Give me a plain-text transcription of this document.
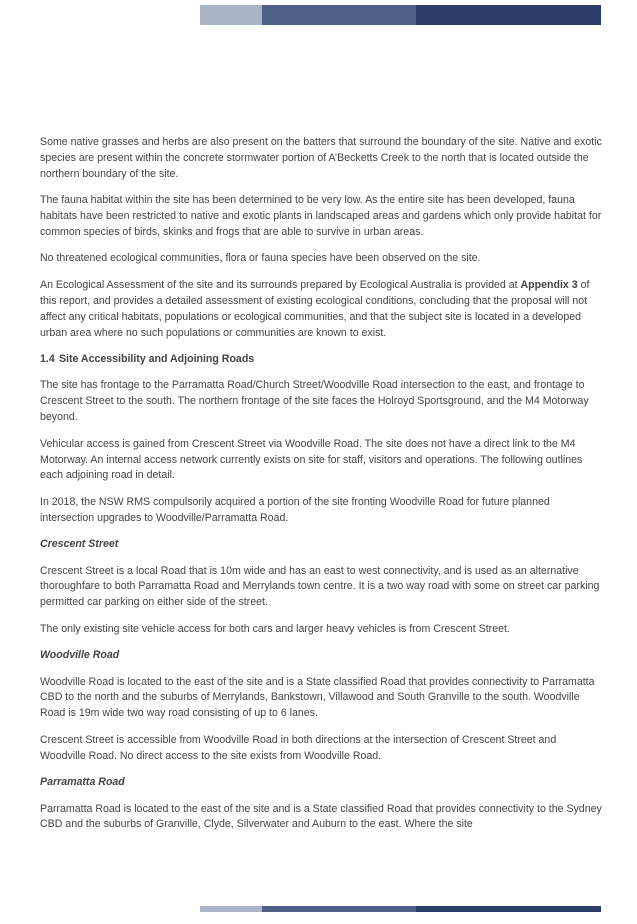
Some native grasses and herbs are also present on the batters that surround the boundary of the site. Native and exotic species are present within the concrete stormwater portion of A’Becketts Creek to the north that is located outside the northern boundary of the site.

The fauna habitat within the site has been determined to be very low. As the entire site has been developed, fauna habitats have been restricted to native and exotic plants in landscaped areas and gardens which only provide habitat for common species of birds, skinks and frogs that are able to survive in urban areas.

No threatened ecological communities, flora or fauna species have been observed on the site.

An Ecological Assessment of the site and its surrounds prepared by Ecological Australia is provided at Appendix 3 of this report, and provides a detailed assessment of existing ecological conditions, concluding that the proposal will not affect any critical habitats, populations or ecological communities, and that the subject site is located in a developed urban area where no such populations or communities are known to exist.

1.4 Site Accessibility and Adjoining Roads

The site has frontage to the Parramatta Road/Church Street/Woodville Road intersection to the east, and frontage to Crescent Street to the south. The northern frontage of the site faces the Holroyd Sportsground, and the M4 Motorway beyond.

Vehicular access is gained from Crescent Street via Woodville Road. The site does not have a direct link to the M4 Motorway. An internal access network currently exists on site for staff, visitors and operations. The following outlines each adjoining road in detail.

In 2018, the NSW RMS compulsorily acquired a portion of the site fronting Woodville Road for future planned intersection upgrades to Woodville/Parramatta Road.

Crescent Street

Crescent Street is a local Road that is 10m wide and has an east to west connectivity, and is used as an alternative thoroughfare to both Parramatta Road and Merrylands town centre. It is a two way road with some on street car parking permitted car parking on either side of the street.

The only existing site vehicle access for both cars and larger heavy vehicles is from Crescent Street.

Woodville Road

Woodville Road is located to the east of the site and is a State classified Road that provides connectivity to Parramatta CBD to the north and the suburbs of Merrylands, Bankstown, Villawood and South Granville to the south. Woodville Road is 19m wide two way road consisting of up to 6 lanes.

Crescent Street is accessible from Woodville Road in both directions at the intersection of Crescent Street and Woodville Road. No direct access to the site exists from Woodville Road.

Parramatta Road

Parramatta Road is located to the east of the site and is a State classified Road that provides connectivity to the Sydney CBD and the suburbs of Granville, Clyde, Silverwater and Auburn to the east. Where the site
